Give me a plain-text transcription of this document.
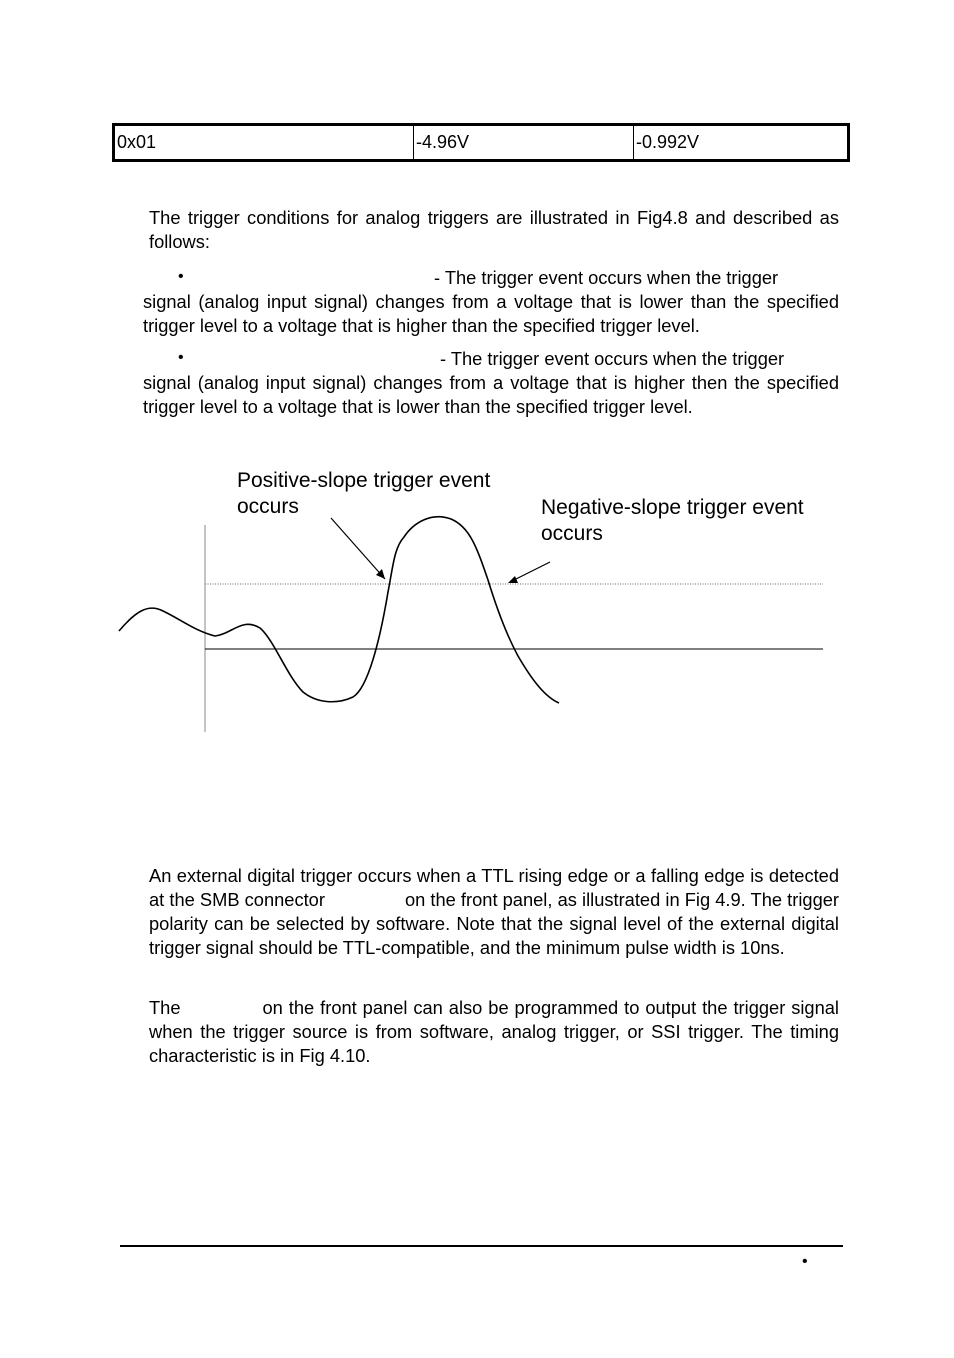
0x01	-4.96V	-0.992V

The trigger conditions for analog triggers are illustrated in Fig4.8 and described as follows:

•	- The trigger event occurs when the trigger
signal (analog input signal) changes from a voltage that is lower than the specified trigger level to a voltage that is higher than the specified trigger level.
•	- The trigger event occurs when the trigger
signal (analog input signal) changes from a voltage that is higher then the specified trigger level to a voltage that is lower than the specified trigger level.
Positive-slope trigger event
occurs	Negative-slope trigger event
occurs

An external digital trigger occurs when a TTL rising edge or a falling edge is detected at the SMB connector	on the front panel, as illustrated in Fig 4.9. The trigger polarity can be selected by software. Note that the signal level of the external digital trigger signal should be TTL-compatible, and the minimum pulse width is 10ns.

The	on the front panel can also be programmed to output the trigger signal when the trigger source is from software, analog trigger, or SSI trigger. The timing characteristic is in Fig 4.10.

•
